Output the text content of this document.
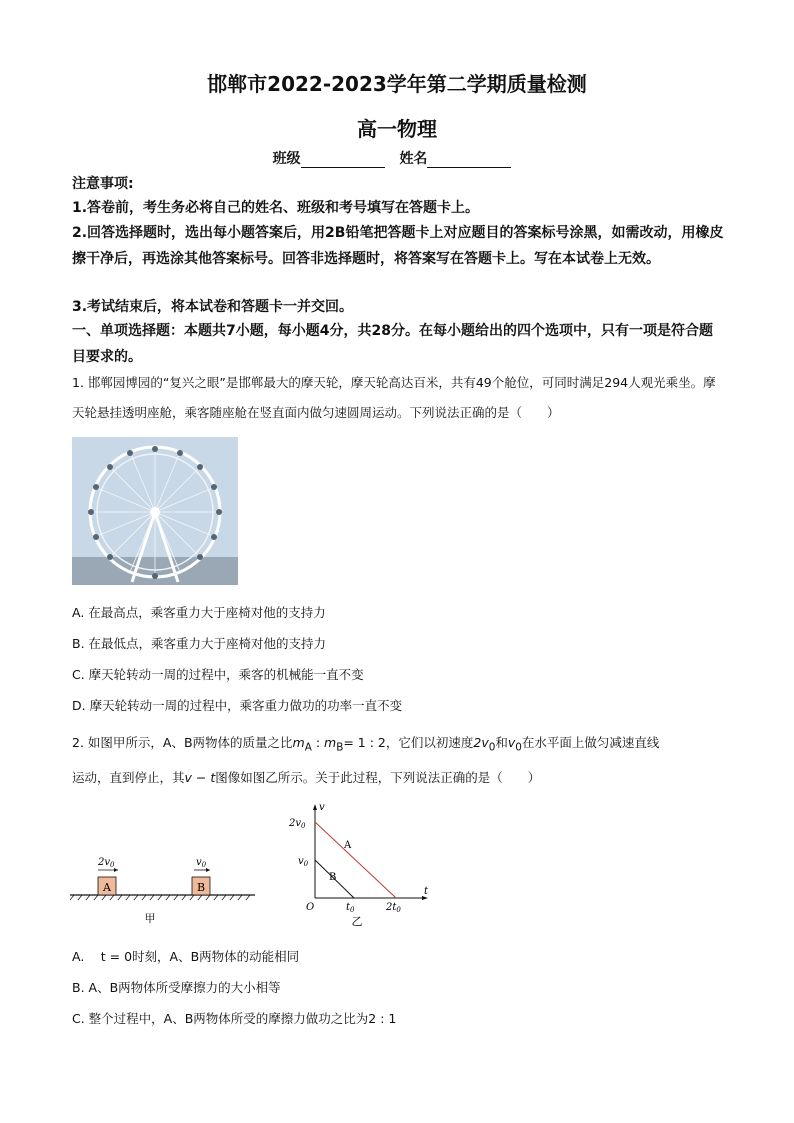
邯郸市2022-2023学年第二学期质量检测
高一物理
班级	姓名
注意事项:
1.答卷前，考生务必将自己的姓名、班级和考号填写在答题卡上。
2.回答选择题时，选出每小题答案后，用2B铅笔把答题卡上对应题目的答案标号涂黑，如需改动，用橡皮擦干净后，再选涂其他答案标号。回答非选择题时，将答案写在答题卡上。写在本试卷上无效。
3.考试结束后，将本试卷和答题卡一并交回。
一、单项选择题：本题共7小题，每小题4分，共28分。在每小题给出的四个选项中，只有一项是符合题目要求的。
1. 邯郸园博园的“复兴之眼”是邯郸最大的摩天轮，摩天轮高达百米，共有49个舱位，可同时满足294人观光乘坐。摩天轮悬挂透明座舱，乘客随座舱在竖直面内做匀速圆周运动。下列说法正确的是（　　）
A. 在最高点，乘客重力大于座椅对他的支持力
B. 在最低点，乘客重力大于座椅对他的支持力
C. 摩天轮转动一周的过程中，乘客的机械能一直不变
D. 摩天轮转动一周的过程中，乘客重力做功的功率一直不变
2. 如图甲所示，A、B两物体的质量之比$m_A$ : $m_B= 1$ : 2，它们以初速度$2v_0$和$v_0$在水平面上做匀减速直线
运动，直到停止，其v − t图像如图乙所示。关于此过程，下列说法正确的是（　　）
A	B
$2v_0$	$v_0$
甲
v
t
O
$2v_0$
$v_0$
$t_0$	$2t_0$
A
B
乙
A. 　t = 0时刻，A、B两物体的动能相同
B. A、B两物体所受摩擦力的大小相等
C. 整个过程中，A、B两物体所受的摩擦力做功之比为2 : 1
